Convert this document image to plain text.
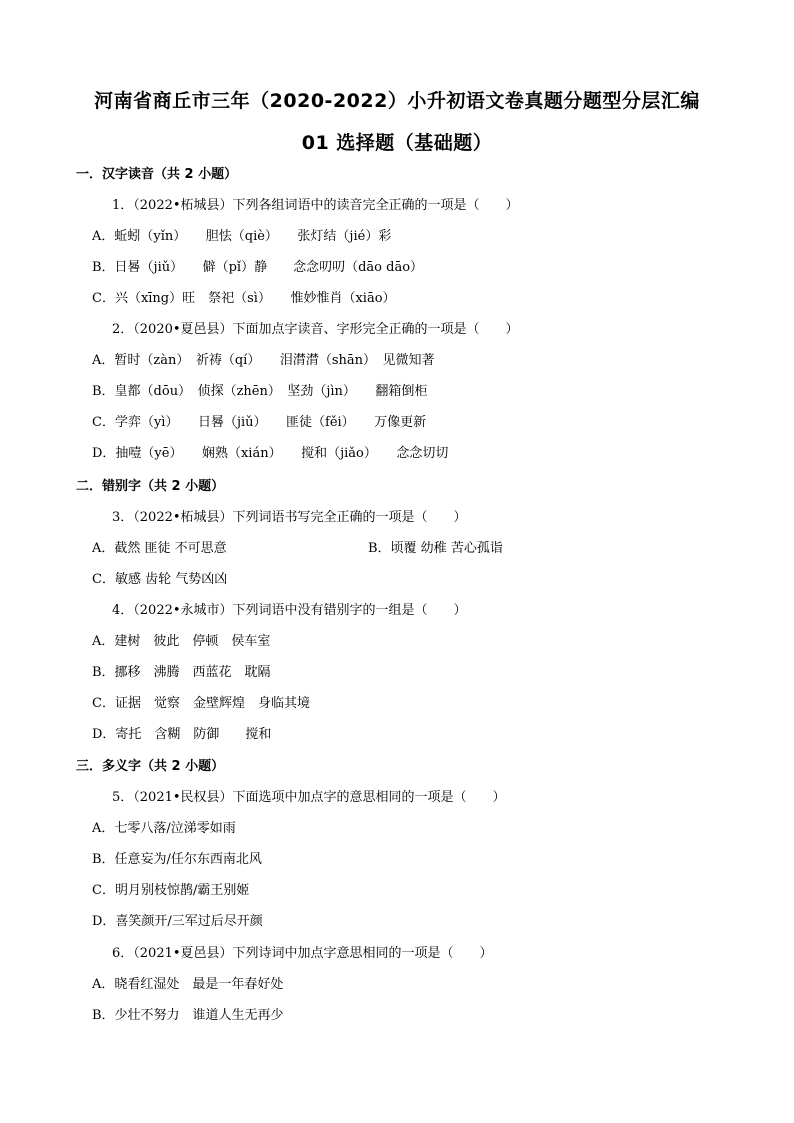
河南省商丘市三年（2020-2022）小升初语文卷真题分题型分层汇编
01 选择题（基础题）
一．汉字读音（共 2 小题）
1．（2022•柘城县）下列各组词语中的读音完全正确的一项是（　　）
A．蚯蚓（yǐn）　　胆怯（qiè）　　张灯结（jié）彩
B．日晷（jiǔ）　　僻（pǐ）静　　念念叨叨（dāo dāo）
C．兴（xīng）旺　祭祀（sì）　　惟妙惟肖（xiāo）
2．（2020•夏邑县）下面加点字读音、字形完全正确的一项是（　　）
A．暂时（zàn）　祈祷（qí）　　泪潸潸（shān）　见微知著
B．皇都（dōu）　侦探（zhēn）　坚劲（jìn）　　翻箱倒柜
C．学弈（yì）　　日晷（jiǔ）　　匪徒（fěi）　　万像更新
D．抽噎（yē）　　娴熟（xián）　　搅和（jiǎo）　　念念切切
二．错别字（共 2 小题）
3．（2022•柘城县）下列词语书写完全正确的一项是（　　）
A．截然 匪徒 不可思意	B．顷覆 幼稚 苦心孤诣
C．敏感 齿轮 气势凶凶
4．（2022•永城市）下列词语中没有错别字的一组是（　　）
A．建树　彼此　停顿　侯车室
B．挪移　沸腾　西蓝花　耽隔
C．证据　觉察　金壁辉煌　身临其境
D．寄托　含糊　防御　　搅和
三．多义字（共 2 小题）
5．（2021•民权县）下面选项中加点字的意思相同的一项是（　　）
A．七零八落/泣涕零如雨
B．任意妄为/任尔东西南北风
C．明月别枝惊鹊/霸王别姬
D．喜笑颜开/三军过后尽开颜
6．（2021•夏邑县）下列诗词中加点字意思相同的一项是（　　）
A．晓看红湿处　最是一年春好处
B．少壮不努力　谁道人生无再少
